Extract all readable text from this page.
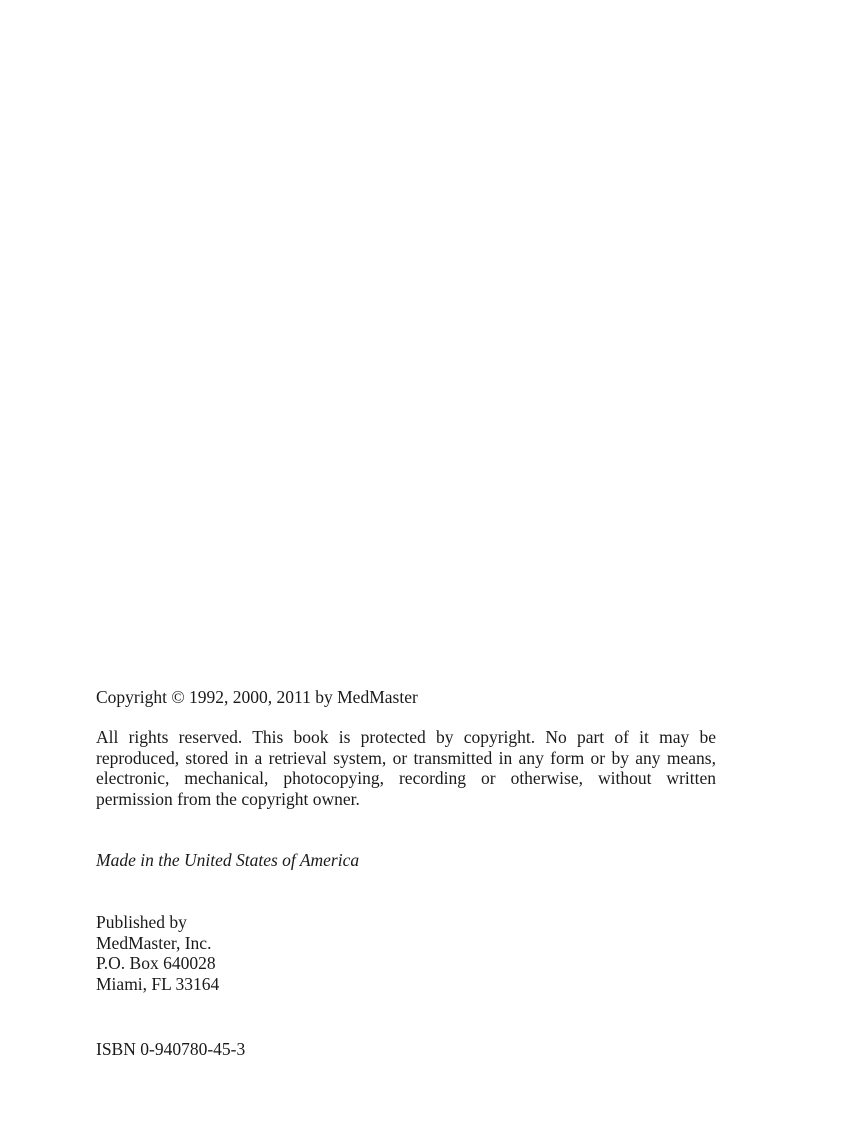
Copyright © 1992, 2000, 2011 by MedMaster

All rights reserved. This book is protected by copyright. No part of it may be reproduced, stored in a retrieval system, or transmitted in any form or by any means, electronic, mechanical, photocopying, recording or otherwise, without written permission from the copyright owner.

Made in the United States of America

Published by
MedMaster, Inc.
P.O. Box 640028
Miami, FL 33164

ISBN 0-940780-45-3
